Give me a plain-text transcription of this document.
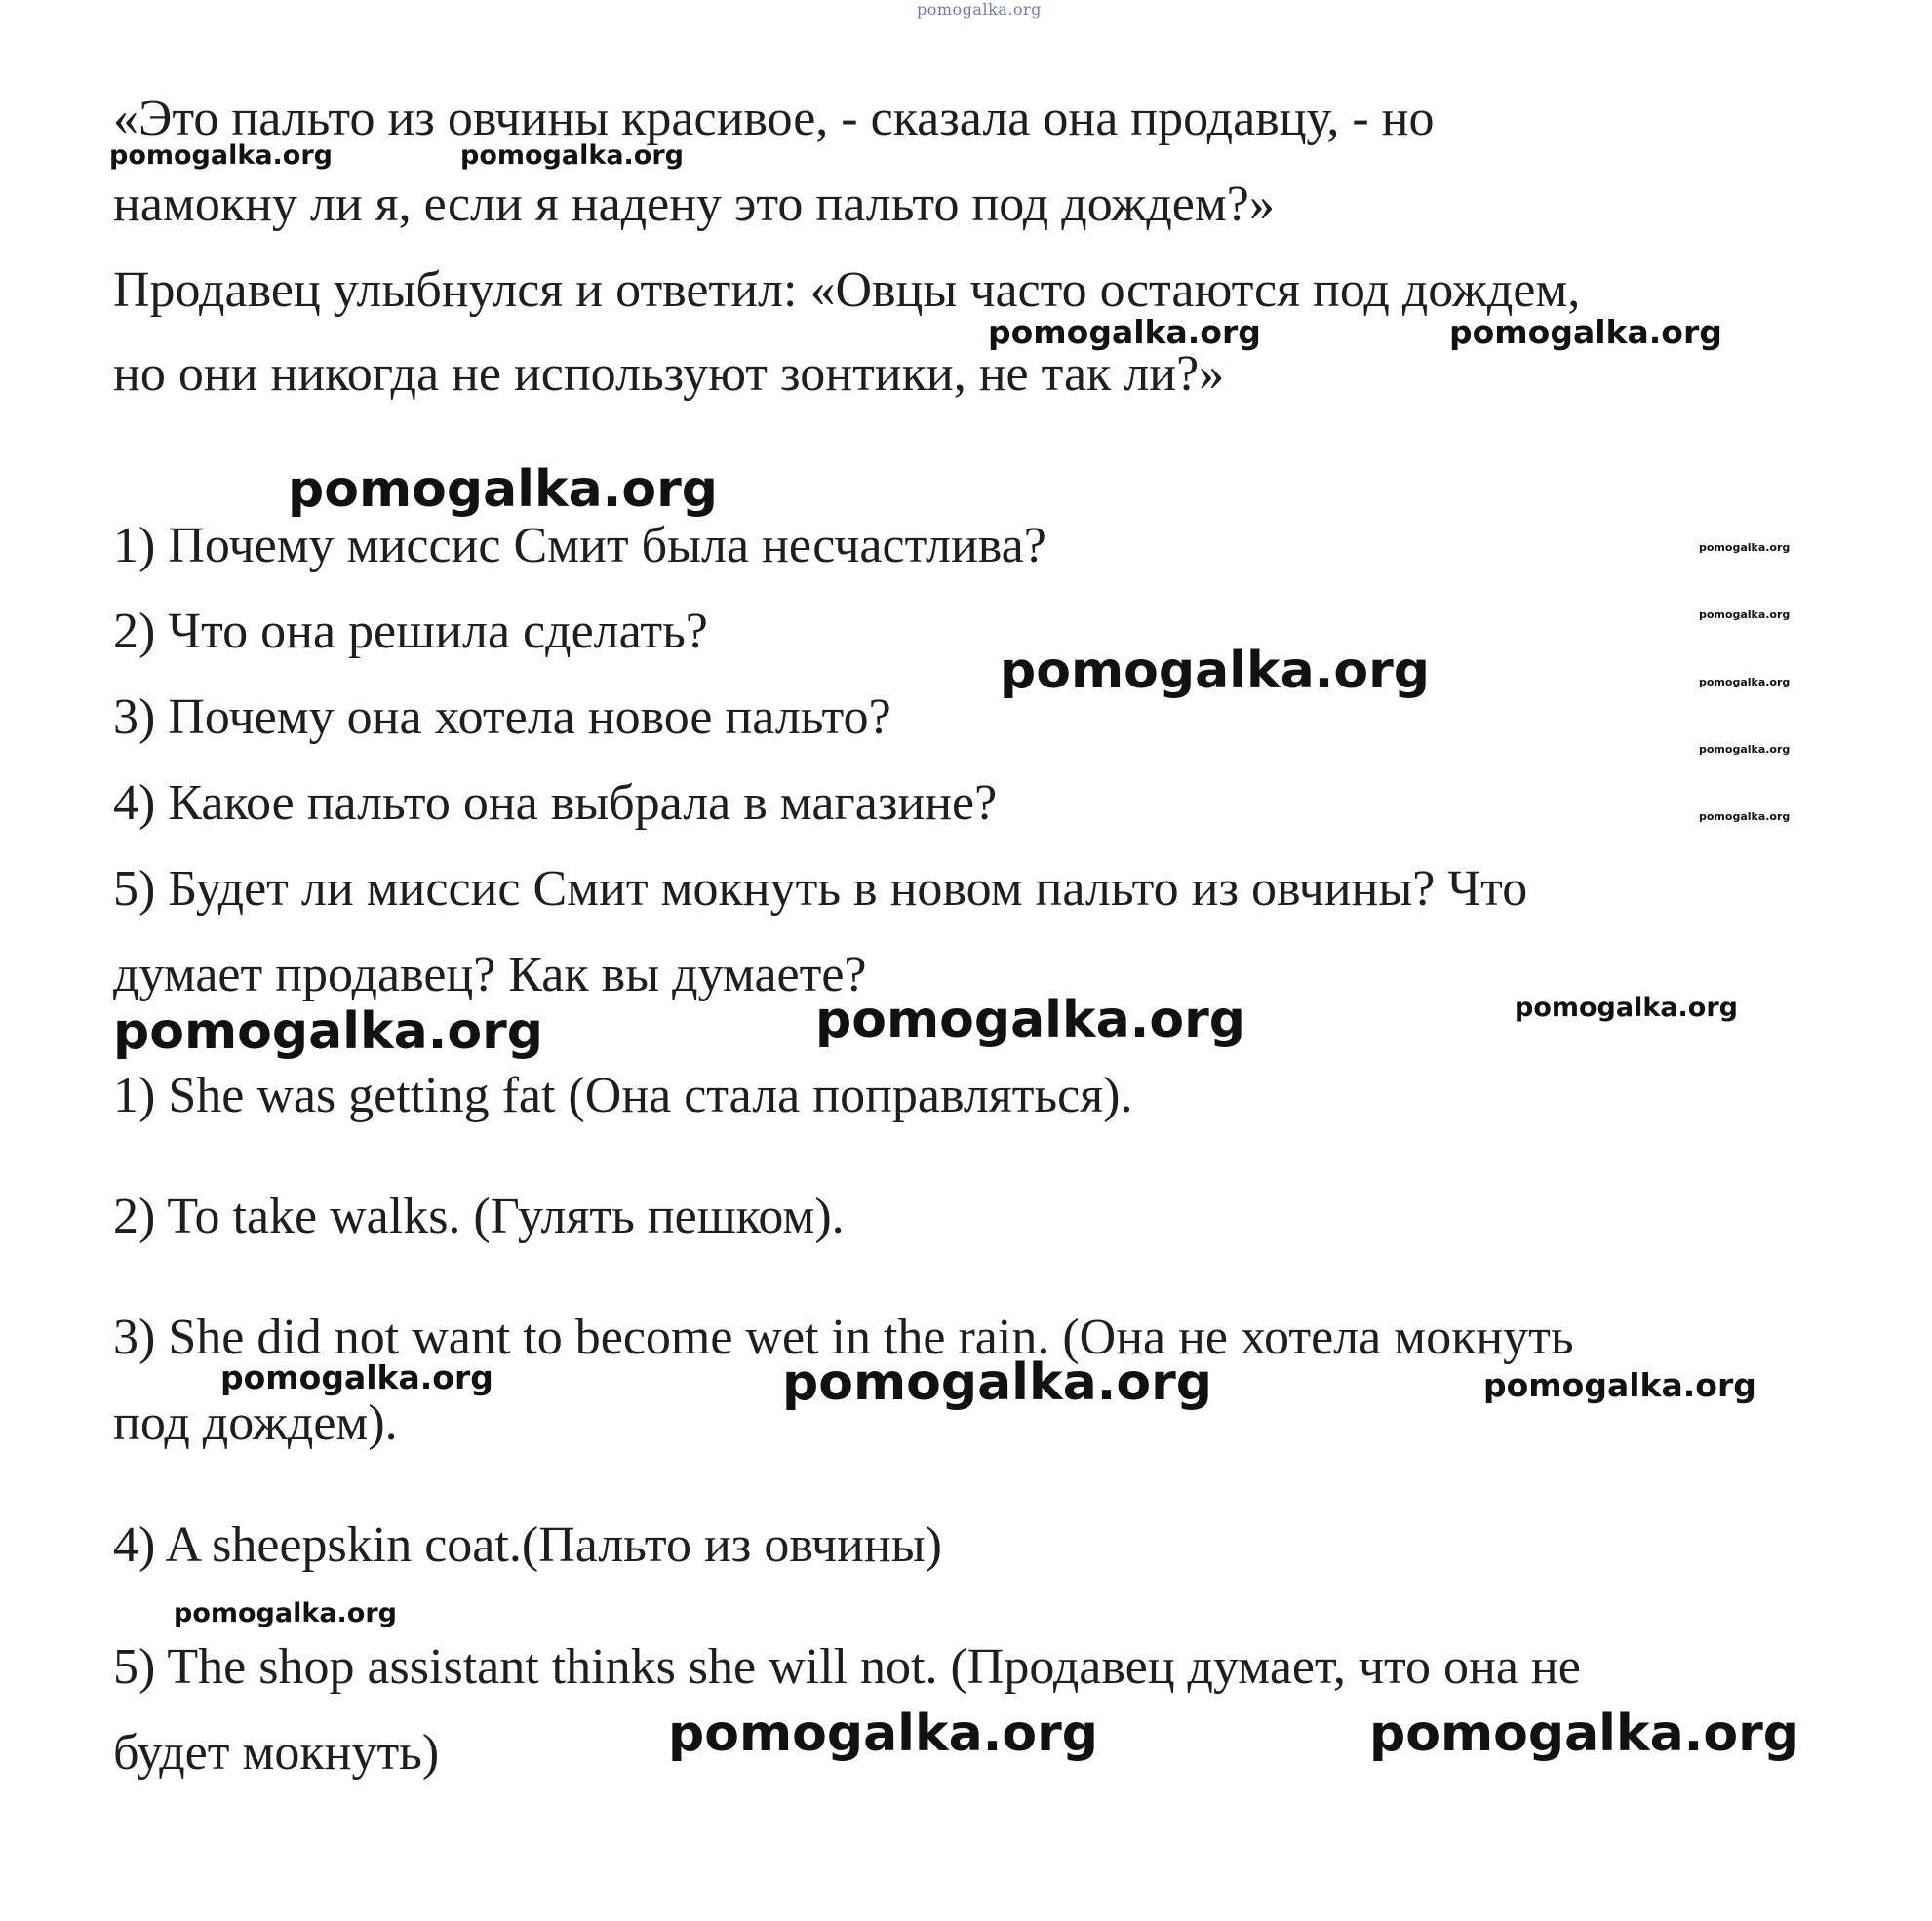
«Это пальто из овчины красивое, - сказала она продавцу, - но

намокну ли я, если я надену это пальто под дождем?»

Продавец улыбнулся и ответил: «Овцы часто остаются под дождем,

но они никогда не используют зонтики, не так ли?»

1) Почему миссис Смит была несчастлива?

2) Что она решила сделать?

3) Почему она хотела новое пальто?

4) Какое пальто она выбрала в магазине?

5) Будет ли миссис Смит мокнуть в новом пальто из овчины? Что

думает продавец? Как вы думаете?

1) She was getting fat (Она стала поправляться).

2) To take walks. (Гулять пешком).

3) She did not want to become wet in the rain. (Она не хотела мокнуть

под дождем).

4) A sheepskin coat.(Пальто из овчины)

5) The shop assistant thinks she will not. (Продавец думает, что она не

будет мокнуть)

pomogalka.org
pomogalka.org	pomogalka.org
pomogalka.org	pomogalka.org
pomogalka.org
pomogalka.org
pomogalka.org
pomogalka.org
pomogalka.org
pomogalka.org
pomogalka.org
pomogalka.org	pomogalka.org	pomogalka.org
pomogalka.org	pomogalka.org	pomogalka.org
pomogalka.org
pomogalka.org	pomogalka.org
